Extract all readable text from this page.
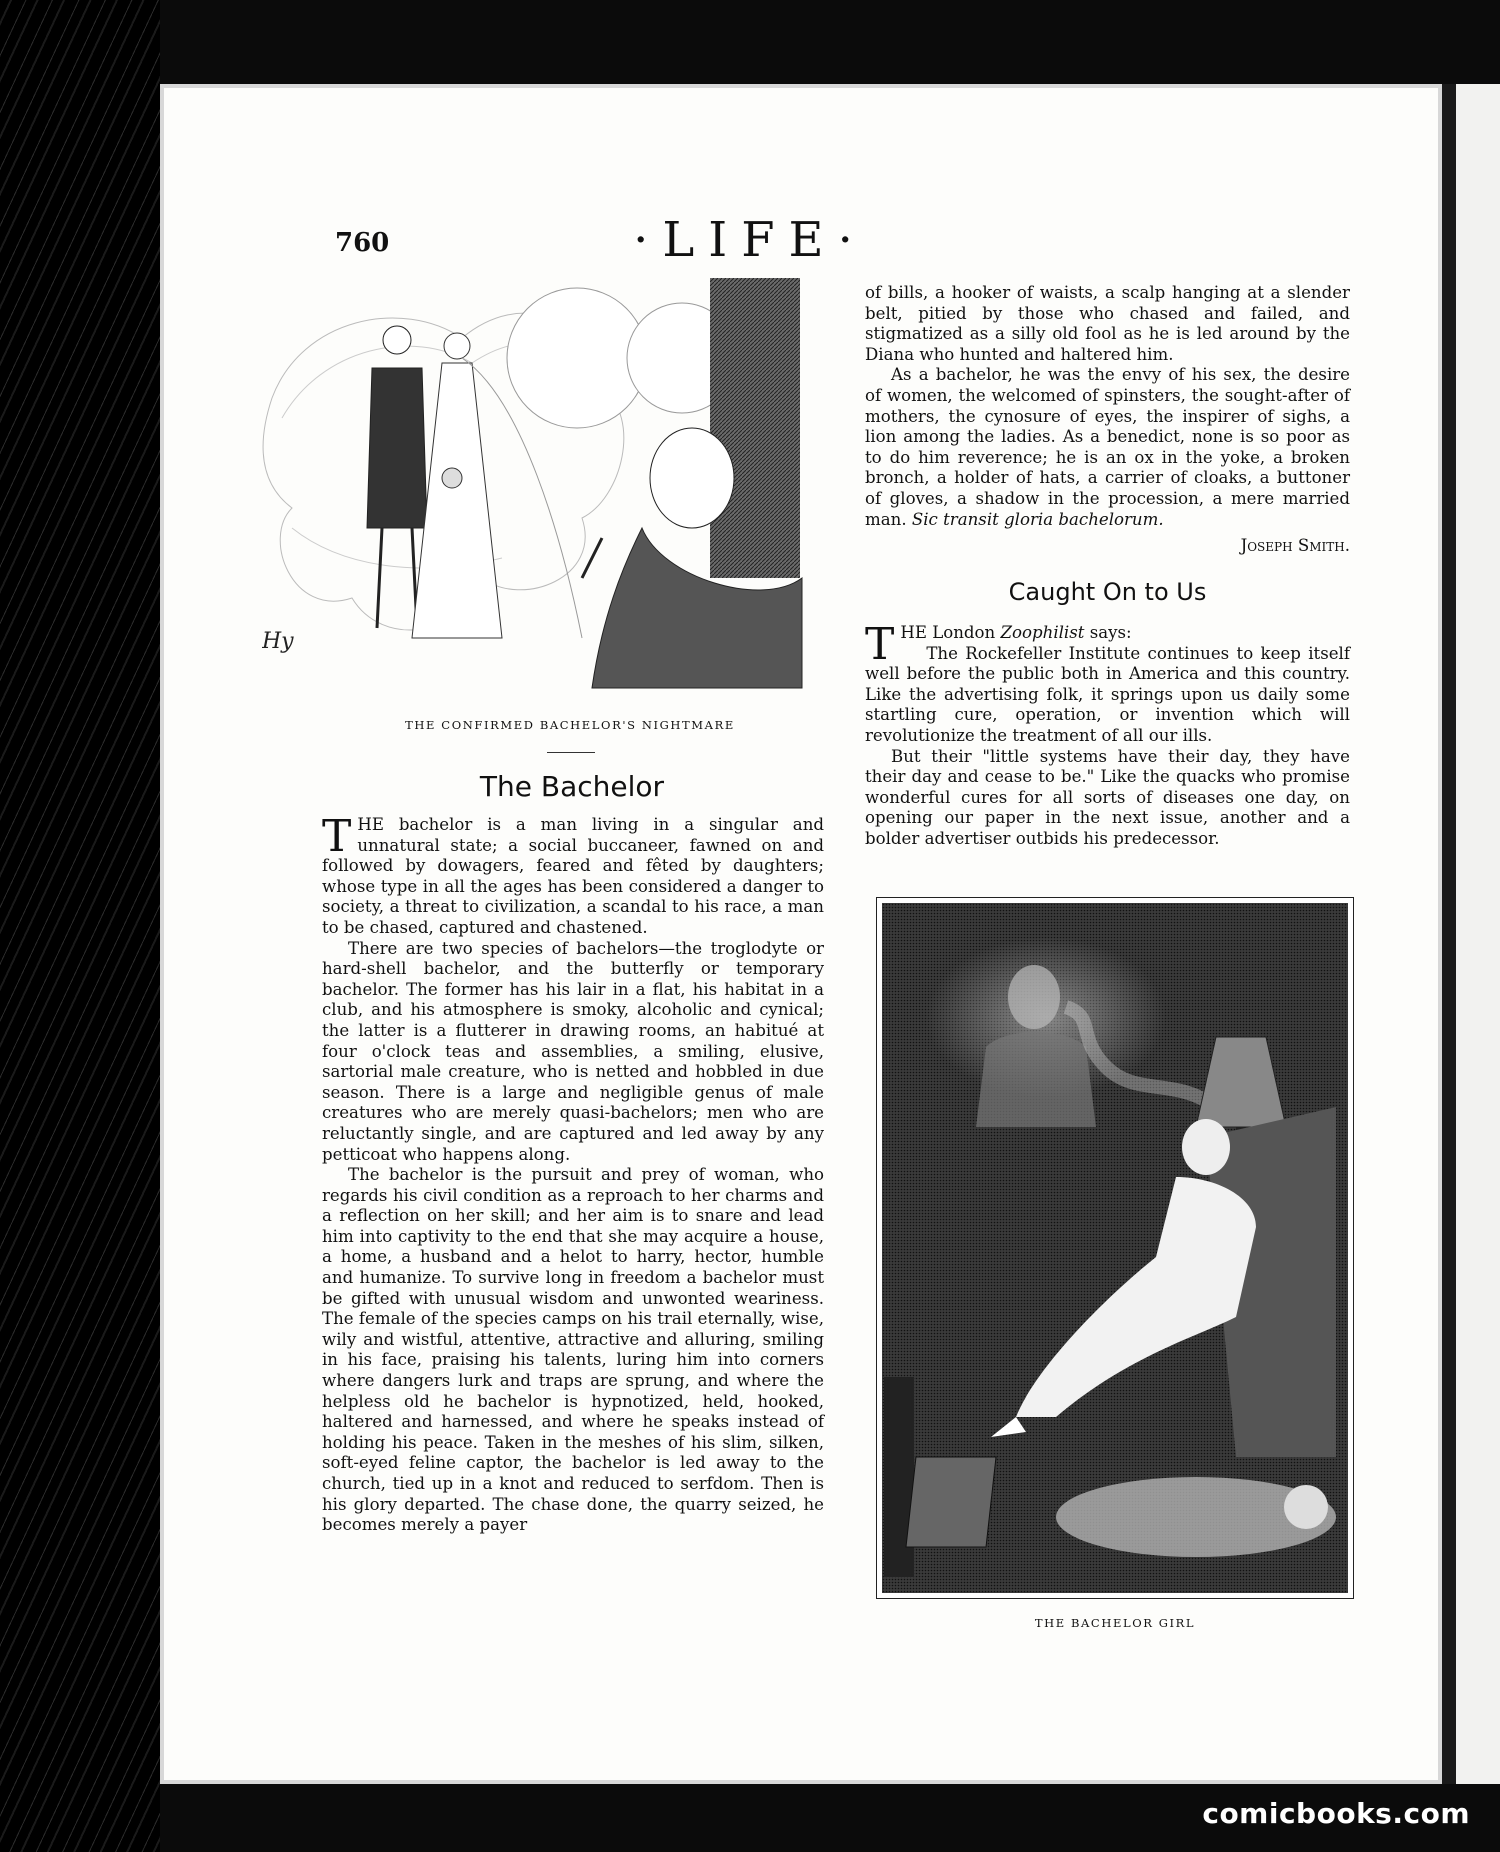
760	·LIFE·
Hy
THE CONFIRMED BACHELOR'S NIGHTMARE
The Bachelor

THE bachelor is a man living in a singular and unnatural state; a social buccaneer, fawned on and followed by dowagers, feared and fêted by daughters; whose type in all the ages has been considered a danger to society, a threat to civilization, a scandal to his race, a man to be chased, captured and chastened.

There are two species of bachelors—the troglodyte or hard-shell bachelor, and the butterfly or temporary bachelor. The former has his lair in a flat, his habitat in a club, and his atmosphere is smoky, alcoholic and cynical; the latter is a flutterer in drawing rooms, an habitué at four o'clock teas and assemblies, a smiling, elusive, sartorial male creature, who is netted and hobbled in due season. There is a large and negligible genus of male creatures who are merely quasi-bachelors; men who are reluctantly single, and are captured and led away by any petticoat who happens along.

The bachelor is the pursuit and prey of woman, who regards his civil condition as a reproach to her charms and a reflection on her skill; and her aim is to snare and lead him into captivity to the end that she may acquire a house, a home, a husband and a helot to harry, hector, humble and humanize. To survive long in freedom a bachelor must be gifted with unusual wisdom and unwonted weariness. The female of the species camps on his trail eternally, wise, wily and wistful, attentive, attractive and alluring, smiling in his face, praising his talents, luring him into corners where dangers lurk and traps are sprung, and where the helpless old he bachelor is hypnotized, held, hooked, haltered and harnessed, and where he speaks instead of holding his peace. Taken in the meshes of his slim, silken, soft-eyed feline captor, the bachelor is led away to the church, tied up in a knot and reduced to serfdom. Then is his glory departed. The chase done, the quarry seized, he becomes merely a payer

of bills, a hooker of waists, a scalp hanging at a slender belt, pitied by those who chased and failed, and stigmatized as a silly old fool as he is led around by the Diana who hunted and haltered him.

As a bachelor, he was the envy of his sex, the desire of women, the welcomed of spinsters, the sought-after of mothers, the cynosure of eyes, the inspirer of sighs, a lion among the ladies. As a benedict, none is so poor as to do him reverence; he is an ox in the yoke, a broken bronch, a holder of hats, a carrier of cloaks, a buttoner of gloves, a shadow in the procession, a mere married man. Sic transit gloria bachelorum.

Joseph Smith.
Caught On to Us

THE London Zoophilist says:

The Rockefeller Institute continues to keep itself well before the public both in America and this country. Like the advertising folk, it springs upon us daily some startling cure, operation, or invention which will revolutionize the treatment of all our ills.

But their "little systems have their day, they have their day and cease to be." Like the quacks who promise wonderful cures for all sorts of diseases one day, on opening our paper in the next issue, another and a bolder advertiser outbids his predecessor.

THE BACHELOR GIRL
comicbooks.com
